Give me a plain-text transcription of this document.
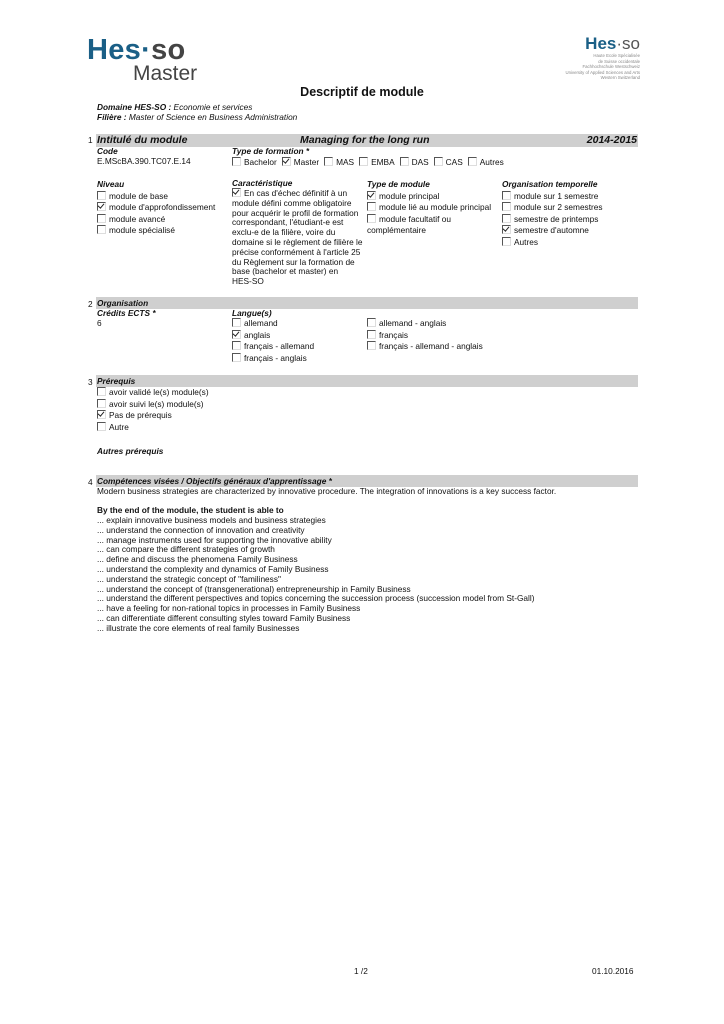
Hes·so
Master
Hes·so
Haute Ecole Spécialisée
de Suisse occidentale
Fachhochschule Westschweiz
University of Applied Sciences and Arts
Western Switzerland
Descriptif de module
Domaine HES-SO : Economie et services
Filière : Master of Science en Business Administration
1 Intitulé du module	Managing for the long run	2014-2015
Code
E.MScBA.390.TC07.E.14
Type de formation *
Bachelor Master MAS EMBA DAS CAS Autres
Niveau
module de base
module d'approfondissement
module avancé
module spécialisé
Caractéristique
En cas d'échec définitif à un
module défini comme obligatoire
pour acquérir le profil de formation
correspondant, l'étudiant-e est
exclu-e de la filière, voire du
domaine si le règlement de filière le
précise conformément à l'article 25
du Règlement sur la formation de
base (bachelor et master) en
HES-SO
Type de module
module principal
module lié au module principal
module facultatif ou
complémentaire
Organisation temporelle
module sur 1 semestre
module sur 2 semestres
semestre de printemps
semestre d'automne
Autres
2 Organisation
Crédits ECTS *
6
Langue(s)
allemand
anglais
français - allemand
français - anglais
allemand - anglais
français
français - allemand - anglais
3 Prérequis
avoir validé le(s) module(s)
avoir suivi le(s) module(s)
Pas de prérequis
Autre
Autres prérequis
4 Compétences visées / Objectifs généraux d'apprentissage *
Modern business strategies are characterized by innovative procedure. The integration of innovations is a key success factor.
By the end of the module, the student is able to
... explain innovative business models and business strategies
... understand the connection of innovation and creativity
... manage instruments used for supporting the innovative ability
... can compare the different strategies of growth
... define and discuss the phenomena Family Business
... understand the complexity and dynamics of Family Business
... understand the strategic concept of "familiness"
... understand the concept of (transgenerational) entrepreneurship in Family Business
... understand the different perspectives and topics concerning the succession process (succession model from St-Gall)
... have a feeling for non-rational topics in processes in Family Business
... can differentiate different consulting styles toward Family Business
... illustrate the core elements of real family Businesses
1 /2	01.10.2016
